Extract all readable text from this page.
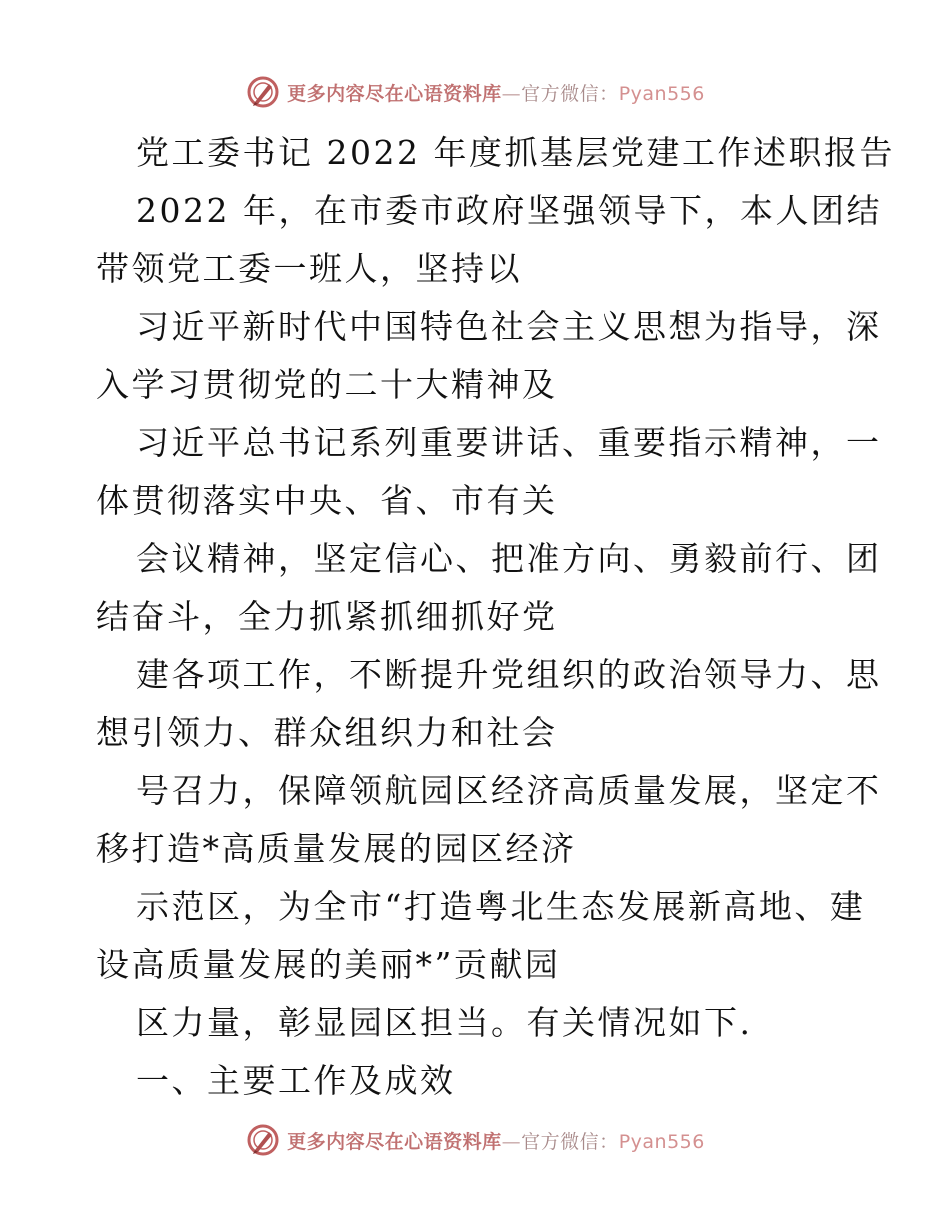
更多内容尽在心语资料库—官方微信：Pyan556
党工委书记 2022 年度抓基层党建工作述职报告
2022 年，在市委市政府坚强领导下，本人团结
带领党工委一班人，坚持以
习近平新时代中国特色社会主义思想为指导，深
入学习贯彻党的二十大精神及
习近平总书记系列重要讲话、重要指示精神，一
体贯彻落实中央、省、市有关
会议精神，坚定信心、把准方向、勇毅前行、团
结奋斗，全力抓紧抓细抓好党
建各项工作，不断提升党组织的政治领导力、思
想引领力、群众组织力和社会
号召力，保障领航园区经济高质量发展，坚定不
移打造*高质量发展的园区经济
示范区，为全市“打造粤北生态发展新高地、建
设高质量发展的美丽*”贡献园
区力量，彰显园区担当。有关情况如下.
一、主要工作及成效
更多内容尽在心语资料库—官方微信：Pyan556
